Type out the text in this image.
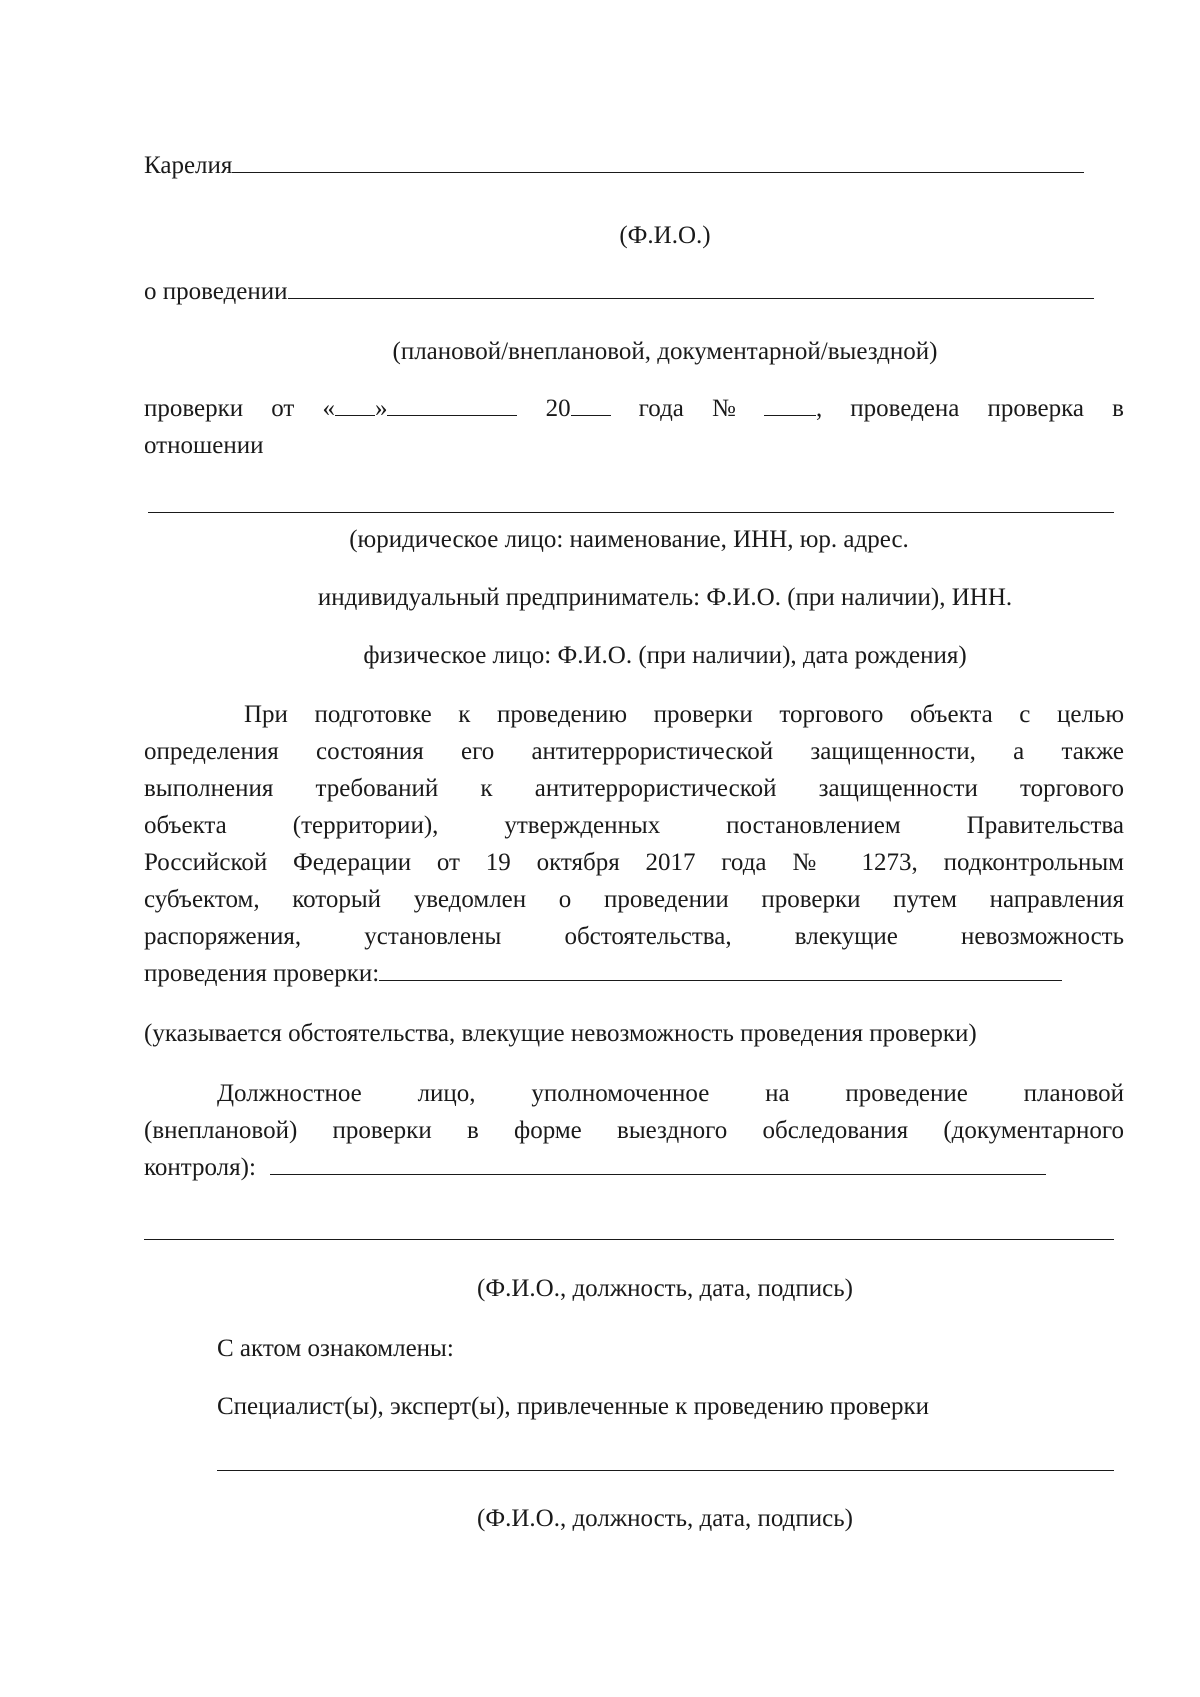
Карелия
(Ф.И.О.)
о проведении
(плановой/внеплановой, документарной/выездной)
проверки от « »	20	года №	, проведена проверка в
отношении
(юридическое лицо: наименование, ИНН, юр. адрес.
индивидуальный предприниматель: Ф.И.О. (при наличии), ИНН.
физическое лицо: Ф.И.О. (при наличии), дата рождения)
При подготовке к проведению проверки торгового объекта с целью
определения состояния его антитеррористической защищенности, а также
выполнения требований к антитеррористической защищенности торгового
объекта (территории), утвержденных постановлением Правительства
Российской Федерации от 19 октября 2017 года № 1273, подконтрольным
субъектом, который уведомлен о проведении проверки путем направления
распоряжения, установлены обстоятельства, влекущие невозможность
проведения проверки:
(указывается обстоятельства, влекущие невозможность проведения проверки)
Должностное лицо, уполномоченное на проведение плановой
(внеплановой) проверки в форме выездного обследования (документарного
контроля):
(Ф.И.О., должность, дата, подпись)
С актом ознакомлены:
Специалист(ы), эксперт(ы), привлеченные к проведению проверки
(Ф.И.О., должность, дата, подпись)
